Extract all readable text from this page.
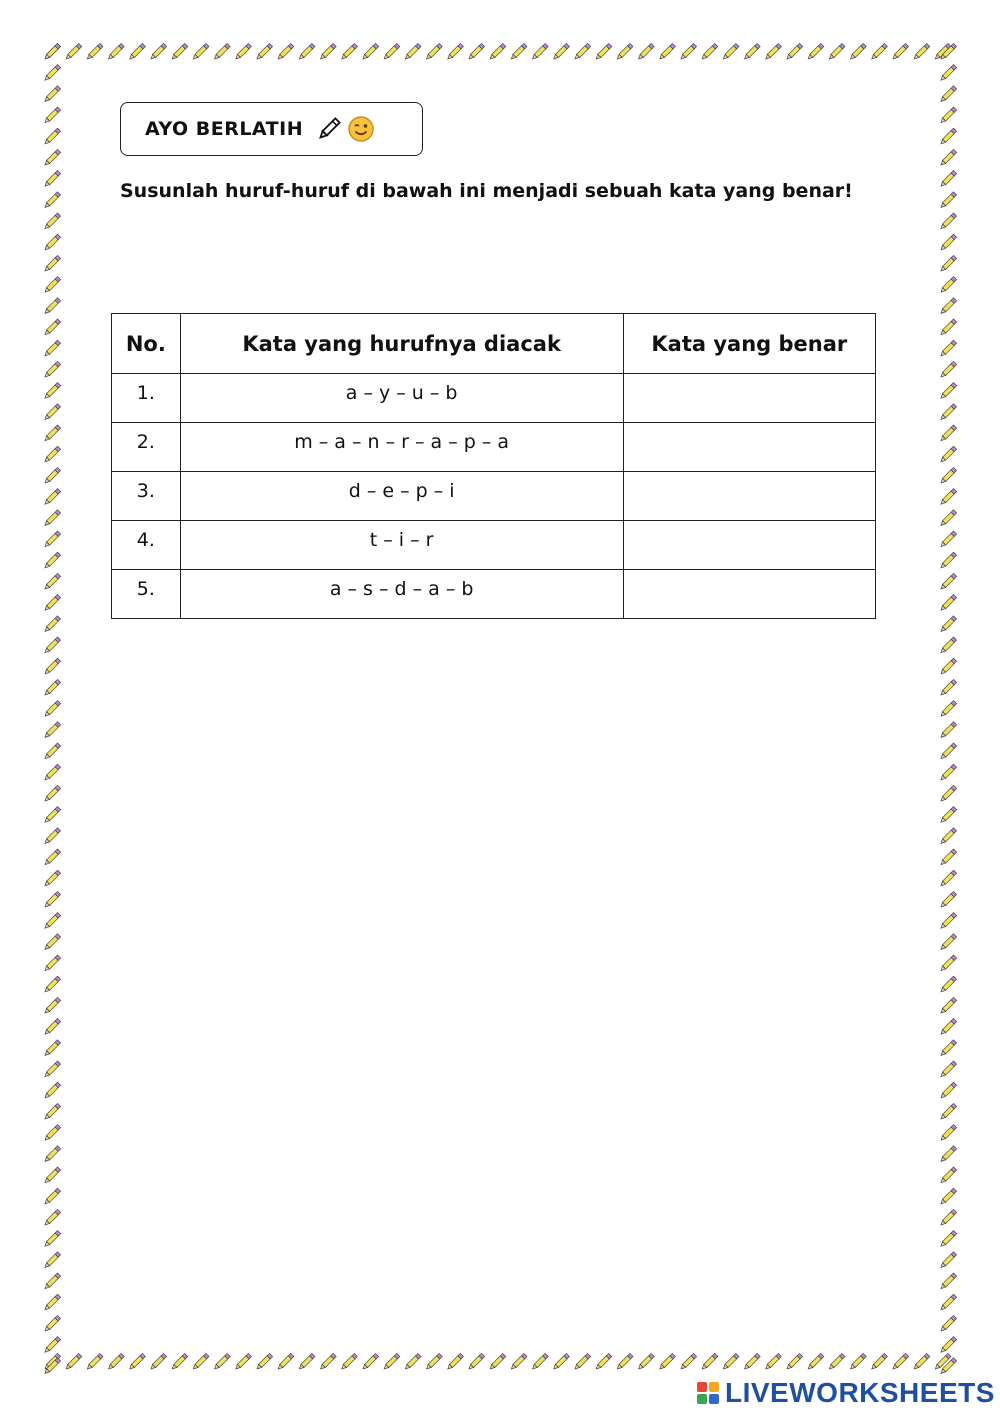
AYO BERLATIH
Susunlah huruf-huruf di bawah ini menjadi sebuah kata yang benar!
No.	Kata yang hurufnya diacak	Kata yang benar
1.	a – y – u – b	
2.	m – a – n – r – a – p – a	
3.	d – e – p – i	
4.	t – i – r	
5.	a – s – d – a – b	
LIVEWORKSHEETS
